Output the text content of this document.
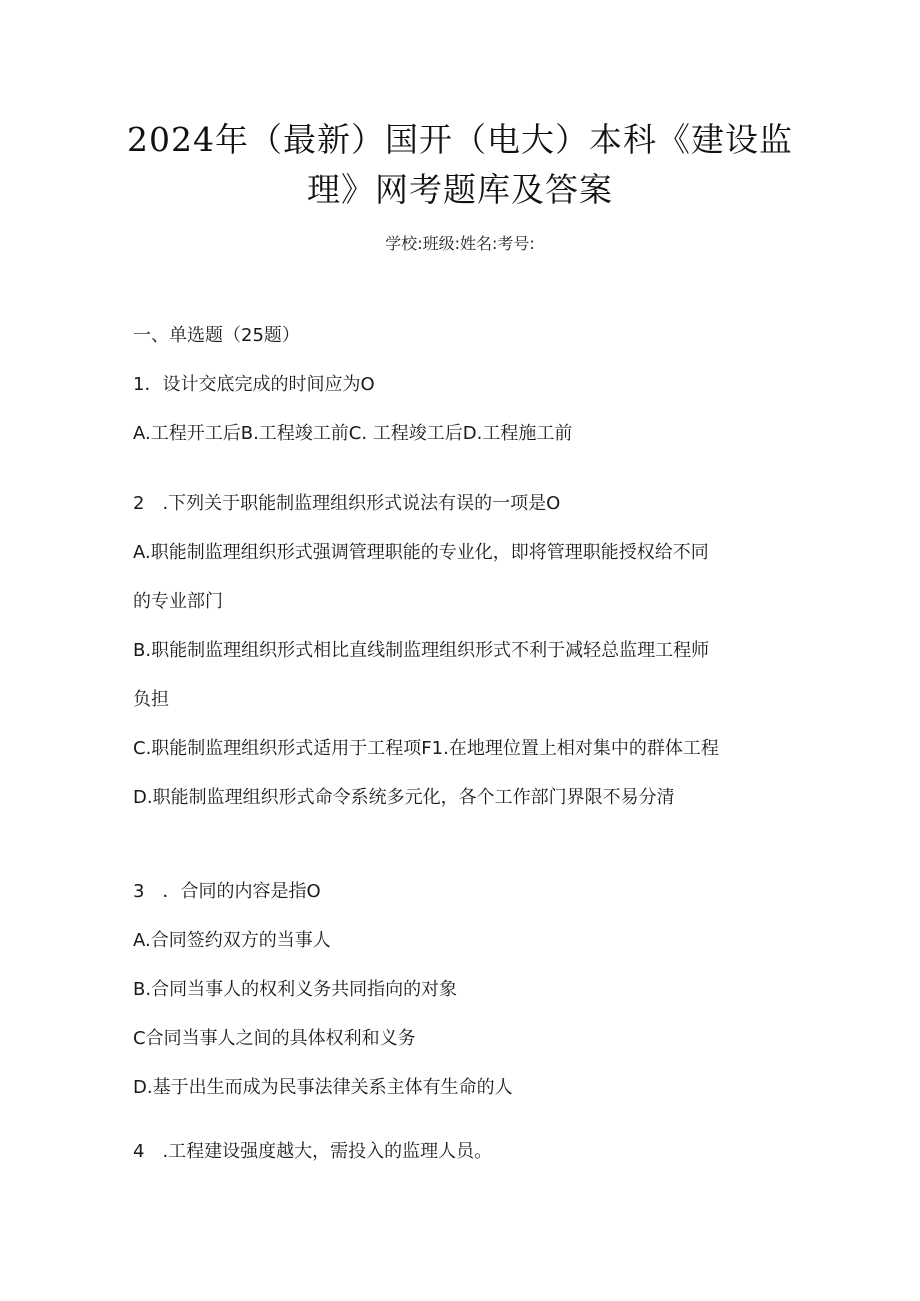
2024年（最新）国开（电大）本科《建设监
理》网考题库及答案
学校:班级:姓名:考号:
一、单选题（25题）
1．设计交底完成的时间应为O
A.工程开工后B.工程竣工前C. 工程竣工后D.工程施工前
2　.下列关于职能制监理组织形式说法有误的一项是O
A.职能制监理组织形式强调管理职能的专业化，即将管理职能授权给不同
的专业部门
B.职能制监理组织形式相比直线制监理组织形式不利于减轻总监理工程师
负担
C.职能制监理组织形式适用于工程项F1.在地理位置上相对集中的群体工程
D.职能制监理组织形式命令系统多元化，各个工作部门界限不易分清
3　．合同的内容是指O
A.合同签约双方的当事人
B.合同当事人的权利义务共同指向的对象
C合同当事人之间的具体权利和义务
D.基于出生而成为民事法律关系主体有生命的人
4　.工程建设强度越大，需投入的监理人员。
